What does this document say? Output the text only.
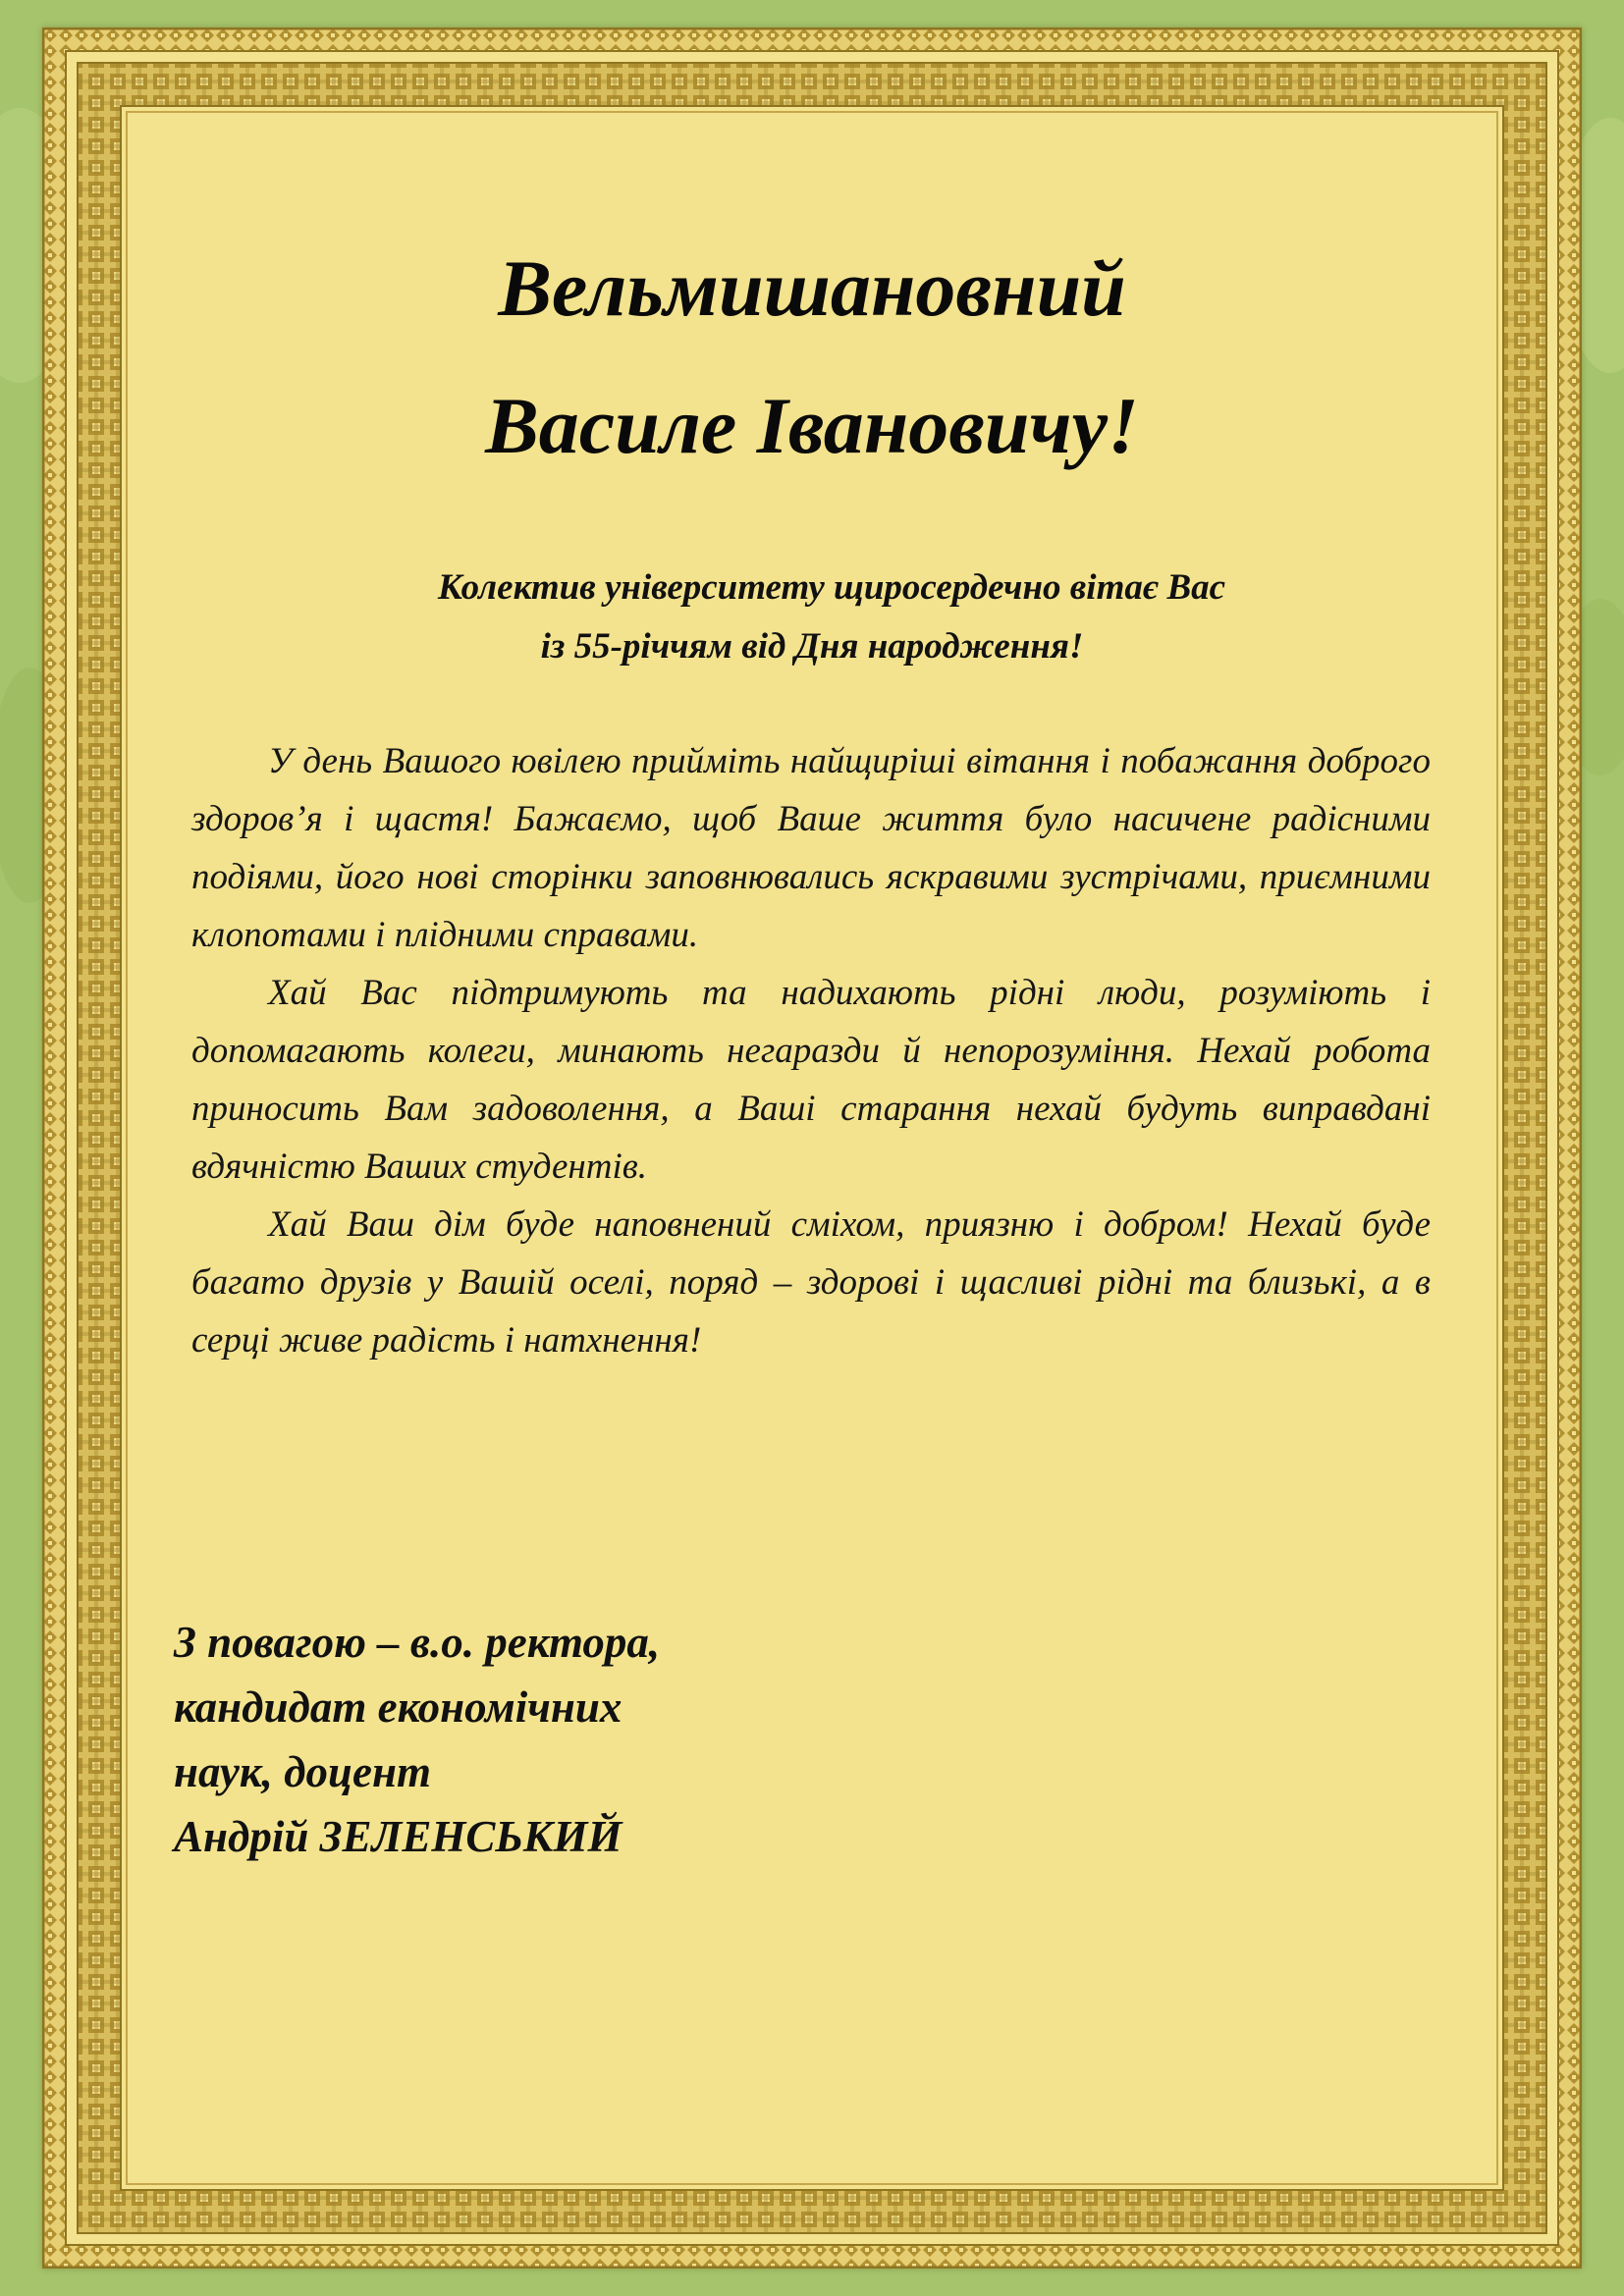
Вельмишановний
Василе Івановичу!
Колектив університету щиросердечно вітає Вас
із 55-річчям від Дня народження!

У день Вашого ювілею прийміть найщиріші вітання і побажання доброго здоров’я і щастя! Бажаємо, щоб Ваше життя було насичене радісними подіями, його нові сторінки заповнювались яскравими зустрічами, приємними клопотами і плідними справами.

Хай Вас підтримують та надихають рідні люди, розуміють і допомагають колеги, минають негаразди й непорозуміння. Нехай робота приносить Вам задоволення, а Ваші старання нехай будуть виправдані вдячністю Ваших студентів.

Хай Ваш дім буде наповнений сміхом, приязню і добром! Нехай буде багато друзів у Вашій оселі, поряд – здорові і щасливі рідні та близькі, а в серці живе радість і натхнення!

З повагою – в.о. ректора,
кандидат економічних
наук, доцент
Андрій ЗЕЛЕНСЬКИЙ
